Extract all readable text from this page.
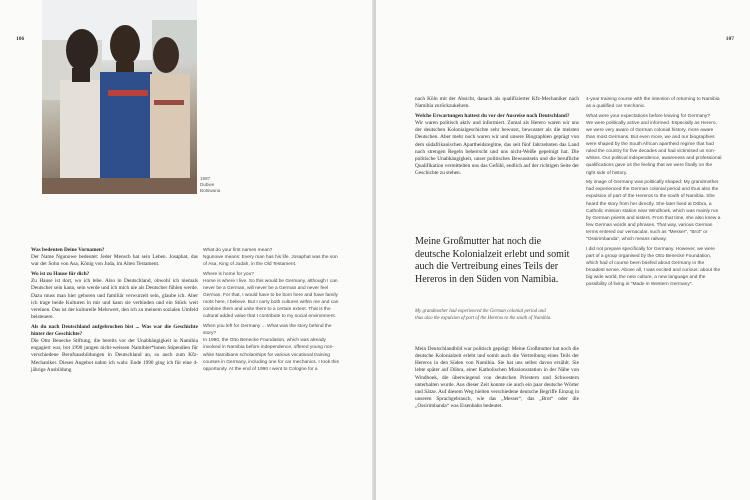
106
1987
Dubwe
Botswana
Was bedeuten Deine Vornamen?

Der Name Ngunowe bedeutet: Jeder Mensch hat sein Leben. Josaphat, das war der Sohn von Asa, König von Juda, im Alten Testament.

Wo ist zu Hause für dich?

Zu Hause ist dort, wo ich lebe. Also in Deutschland, obwohl ich niemals Deutscher sein kann, sein werde und ich mich nie als Deutscher fühlen werde. Dazu muss man hier geboren und familiär verwurzelt sein, glaube ich. Aber ich trage beide Kulturen in mir und kann sie verbinden und ein Stück weit vereinen. Das ist der kulturelle Mehrwert, den ich zu meinem sozialen Umfeld beisteuere.

Als du nach Deutschland aufgebrochen bist ... Was war die Geschichte hinter der Geschichte?

Die Otto Benecke Stiftung, die bereits vor der Unabhängigkeit in Namibia engagiert war, bot 1990 jungen nicht-weissen Namibier*innen Stipendien für verschiedene Berufsausbildungen in Deutschland an, so auch zum Kfz-Mechaniker. Dieses Angebot nahm ich wahr. Ende 1990 ging ich für eine 4-jährige Ausbildung

What do your first names mean?

Ngunowe means: Every man has his life. Josaphat was the son of Asa, King of Judah, in the Old Testament.

Where is home for you?

Home is where I live. So this would be Germany, although I can never be a German, will never be a German and never feel German. For that, I would have to be born here and have family roots here, I believe. But I carry both cultures within me and can combine them and unite them to a certain extent. That is the cultural added value that I contribute to my social environment.

When you left for Germany ... What was the story behind the story?

In 1990, the Otto Benecke Foundation, which was already involved in Namibia before independence, offered young non-white Namibians scholarships for various vocational training courses in Germany, including one for car mechanics. I took this opportunity. At the end of 1990 I went to Cologne for a

107

nach Köln mit der Absicht, danach als qualifizierter Kfz-Mechaniker nach Namibia zurückzukehren.

Welche Erwartungen hattest du vor der Ausreise nach Deutschland?

Wir waren politisch aktiv und informiert. Zumal als Herero waren wir uns der deutschen Kolonialgeschichte sehr bewusst, bewusster als die meisten Deutschen. Aber mehr noch waren wir und unsere Biographien geprägt von dem südafrikanischen Apartheidsregime, das seit fünf Jahrzehnten das Land nach strengen Regeln beherrscht und uns nicht-Weiße gepeinigt hat. Die politische Unabhängigkeit, unser politisches Bewusstsein und die berufliche Qualifikation vermittelten uns das Gefühl, endlich auf der richtigen Seite der Geschichte zu stehen.

Meine Großmutter hat noch die deutsche Kolonialzeit erlebt und somit auch die Vertreibung eines Teils der Hereros in den Süden von Namibia.
My grandmother had experienced the German colonial period and thus also the expulsion of part of the Hereros to the south of Namibia.

Mein Deutschlandbild war politisch geprägt: Meine Großmutter hat noch die deutsche Kolonialzeit erlebt und somit auch die Vertreibung eines Teils der Hereros in den Süden von Namibia. Sie hat uns selbst davon erzählt. Sie lebte später auf Döbra, einer Katholischen Missionsstation in der Nähe von Windhoek, die überwiegend von deutschen Priestern und Schwestern unterhalten wurde. Aus dieser Zeit konnte sie auch ein paar deutsche Wörter und Sätze. Auf diesem Weg hielten verschiedene deutsche Begriffe Einzug in unseren Sprachgebrauch, wie das „Messer“, das „Brot“ oder die „Ossirimbanda“ was Eisenbahn bedeutet.

4-year training course with the intention of returning to Namibia as a qualified car mechanic.

What were your expectations before leaving for Germany?

We were politically active and informed. Especially as Herero, we were very aware of German colonial history, more aware than most Germans. But even more, we and our biographies were shaped by the South African apartheid regime that had ruled the country for five decades and had victimised us non-whites. Our political independence, awareness and professional qualifications gave us the feeling that we were finally on the right side of history.

My image of Germany was politically shaped: My grandmother had experienced the German colonial period and thus also the expulsion of part of the Hereros to the south of Namibia. She heard the story from her directly. She later lived at Döbra, a Catholic mission station near Windhoek, which was mainly run by German priests and sisters. From that time, she also knew a few German words and phrases. That way, various German terms entered our vernacular, such as "Messer", "Brot" or "Ossirimbanda", which means railway.

I did not prepare specifically for Germany. However, we were part of a group organised by the Otto Benecke Foundation, which had of course been briefed about Germany in the broadest sense. Above all, I was excited and curious: about the big wide world, the new culture, a new language and the possibility of living in "Made in Western Germany".
